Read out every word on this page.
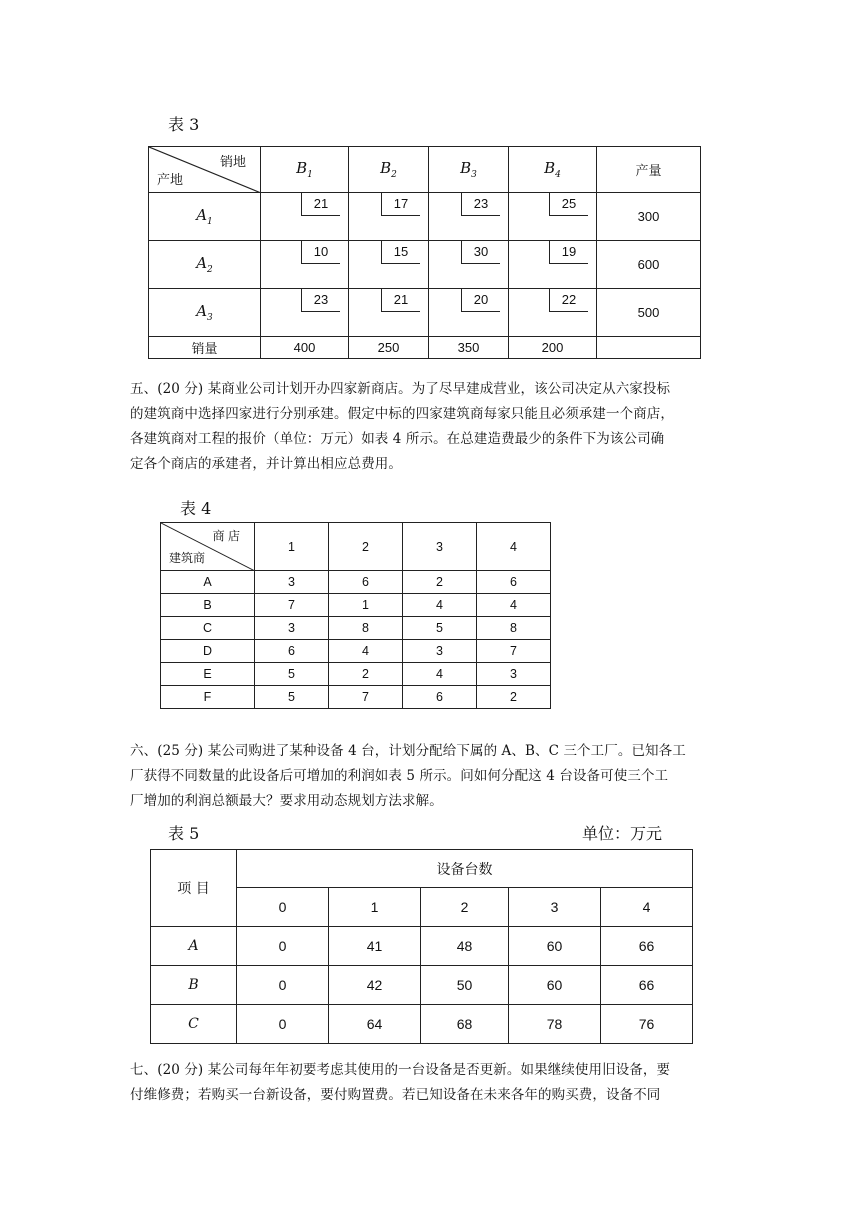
表 3
销地
产地	$B_1$	$B_2$	$B_3$	$B_4$	产量
$A_1$	21	17	23	25	300
$A_2$	10	15	30	19	600
$A_3$	23	21	20	22	500
销量	400	250	350	200	
五、(20 分) 某商业公司计划开办四家新商店。为了尽早建成营业，该公司决定从六家投标
的建筑商中选择四家进行分别承建。假定中标的四家建筑商每家只能且必须承建一个商店，
各建筑商对工程的报价（单位：万元）如表 4 所示。在总建造费最少的条件下为该公司确
定各个商店的承建者，并计算出相应总费用。
表 4
商 店
建筑商	1	2	3	4
A	3	6	2	6
B	7	1	4	4
C	3	8	5	8
D	6	4	3	7
E	5	2	4	3
F	5	7	6	2
六、(25 分) 某公司购进了某种设备 4 台，计划分配给下属的 A、B、C 三个工厂。已知各工
厂获得不同数量的此设备后可增加的利润如表 5 所示。问如何分配这 4 台设备可使三个工
厂增加的利润总额最大？要求用动态规划方法求解。
表 5	单位：万元
项 目	设备台数				
	0	1	2	3	4
A	0	41	48	60	66
B	0	42	50	60	66
C	0	64	68	78	76
七、(20 分) 某公司每年年初要考虑其使用的一台设备是否更新。如果继续使用旧设备，要
付维修费；若购买一台新设备，要付购置费。若已知设备在未来各年的购买费，设备不同
